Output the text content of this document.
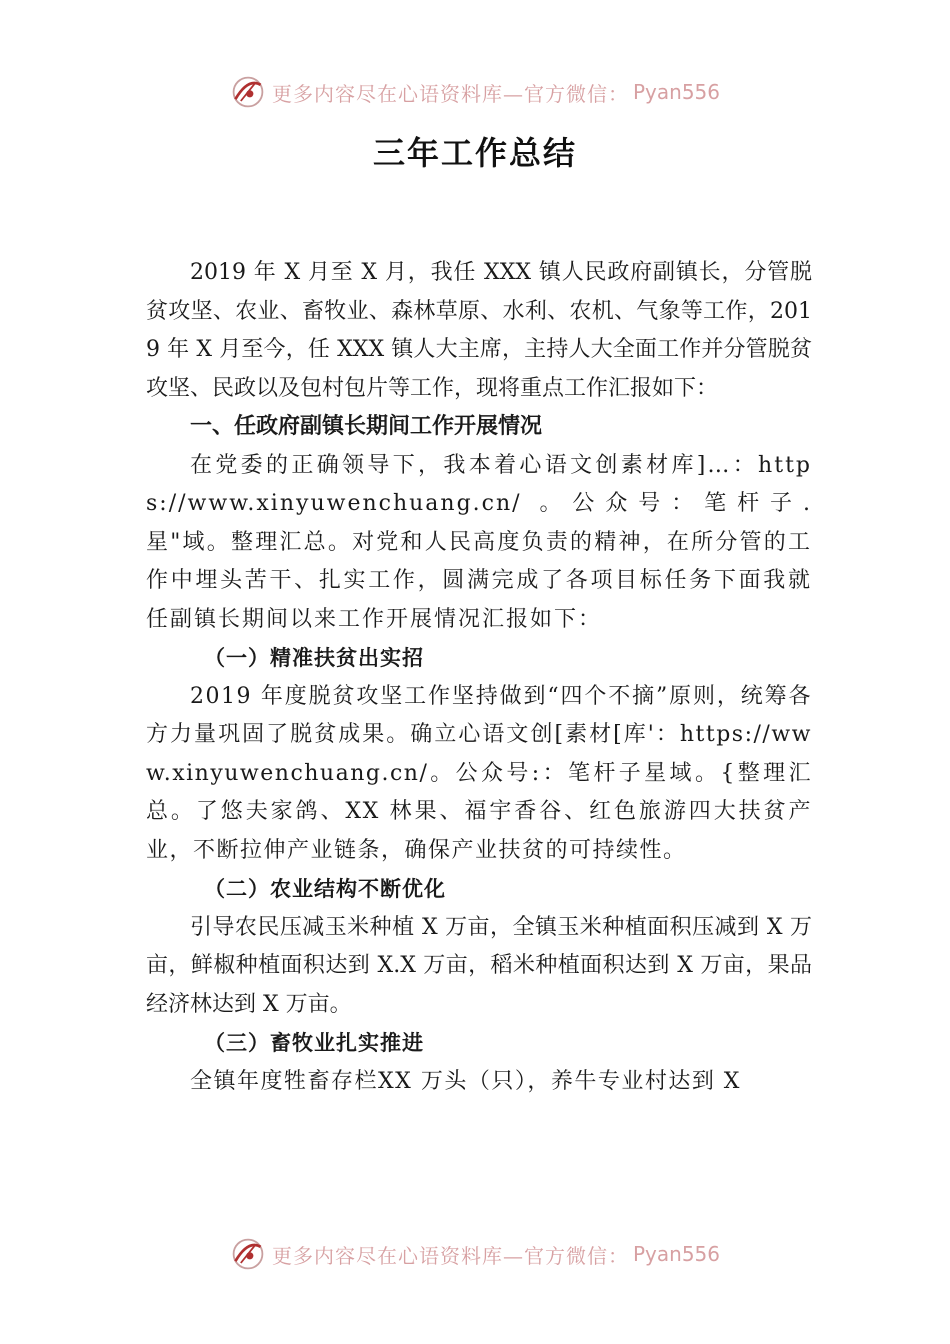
更多内容尽在心语资料库—官方微信： Pyan556
三年工作总结

2019 年 X 月至 X 月，我任 XXX 镇人民政府副镇长，分管脱贫攻坚、农业、畜牧业、森林草原、水利、农机、气象等工作，2019 年 X 月至今，任 XXX 镇人大主席，主持人大全面工作并分管脱贫攻坚、民政以及包村包片等工作，现将重点工作汇报如下：

一、任政府副镇长期间工作开展情况

在党委的正确领导下，我本着心语文创素材库]…：https://www.xinyuwenchuang.cn/ 。公众号：笔杆子.星"域。整理汇总。对党和人民高度负责的精神，在所分管的工作中埋头苦干、扎实工作，圆满完成了各项目标任务下面我就任副镇长期间以来工作开展情况汇报如下：

（一）精准扶贫出实招

2019 年度脱贫攻坚工作坚持做到“四个不摘”原则，统筹各方力量巩固了脱贫成果。确立心语文创[素材[库'：https://www.xinyuwenchuang.cn/。公众号:：笔杆子星域。{整理汇总。了悠夫家鸽、XX 林果、福宇香谷、红色旅游四大扶贫产业，不断拉伸产业链条，确保产业扶贫的可持续性。

（二）农业结构不断优化

引导农民压减玉米种植 X 万亩，全镇玉米种植面积压减到 X 万亩，鲜椒种植面积达到 X.X 万亩，稻米种植面积达到 X 万亩，果品经济林达到 X 万亩。

（三）畜牧业扎实推进

全镇年度牲畜存栏XX 万头（只），养牛专业村达到 X

更多内容尽在心语资料库—官方微信： Pyan556
